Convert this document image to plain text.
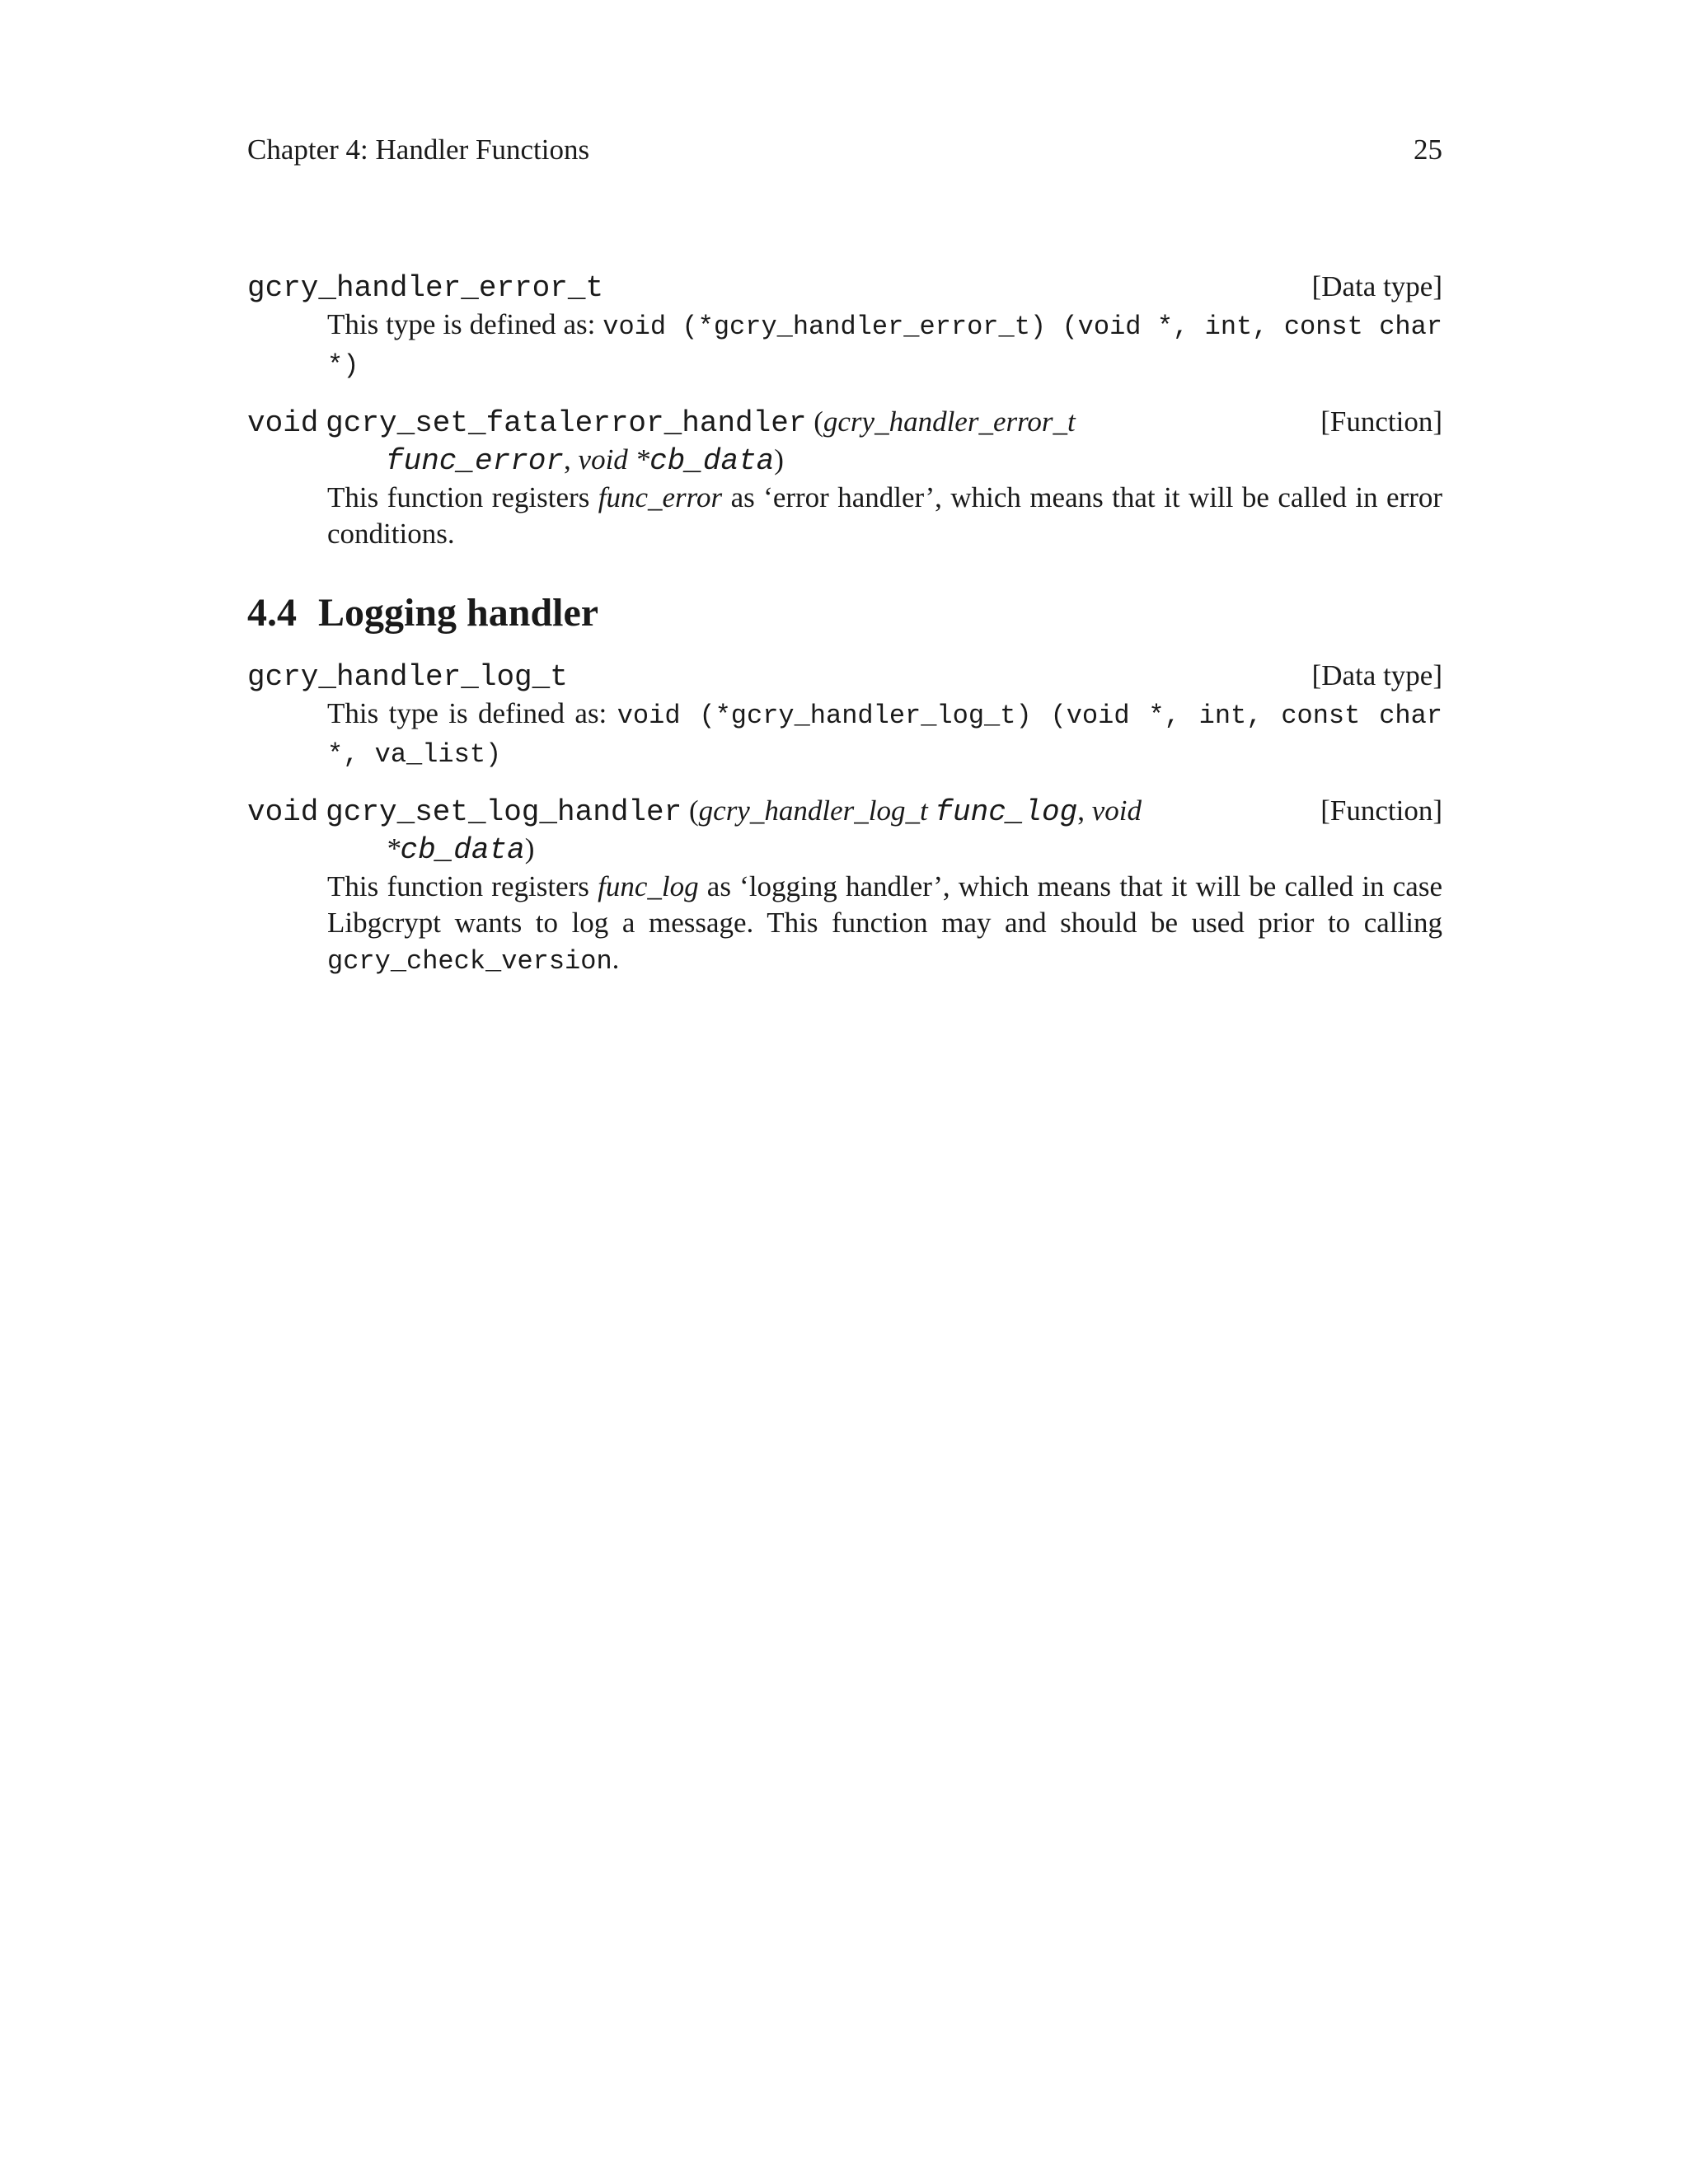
Chapter 4: Handler Functions	25
gcry_handler_error_t	[Data type]
This type is defined as: void (*gcry_handler_error_t) (void *, int, const char *)
void gcry_set_fatalerror_handler (gcry_handler_error_t	[Function]
func_error, void *cb_data)
This function registers func_error as ‘error handler’, which means that it will be called in error conditions.
4.4 Logging handler
gcry_handler_log_t	[Data type]
This type is defined as: void (*gcry_handler_log_t) (void *, int, const char *, va_list)
void gcry_set_log_handler (gcry_handler_log_t func_log, void	[Function]
*cb_data)
This function registers func_log as ‘logging handler’, which means that it will be called in case Libgcrypt wants to log a message. This function may and should be used prior to calling gcry_check_version.
